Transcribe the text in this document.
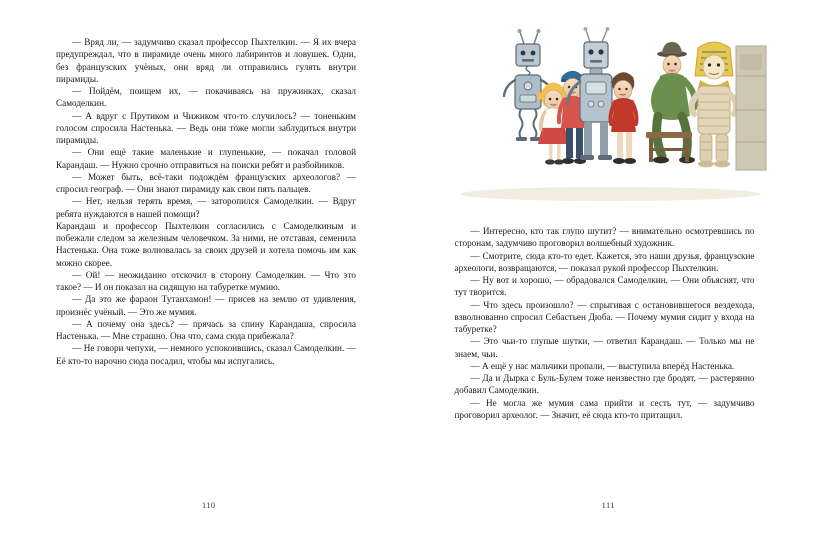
— Вряд ли, — задумчиво сказал профессор Пыхтелкин. — Я их вчера предупреждал, что в пирамиде очень много лабиринтов и ловушек. Одни, без французских учёных, они вряд ли отправились гулять внутри пирамиды.

— Пойдём, поищем их, — покачиваясь на пружинках, сказал Самоделкин.

— А вдруг с Прутиком и Чижиком что-то случилось? — тоненьким голосом спросила Настенька. — Ведь они тоже могли заблудиться внутри пирамиды.

— Они ещё такие маленькие и глупенькие, — покачал головой Карандаш. — Нужно срочно отправиться на поиски ребят и разбойников.

— Может быть, всё-таки подождём французских археологов? — спросил географ. — Они знают пирамиду как свои пять пальцев.

— Нет, нельзя терять время, — заторопился Самоделкин. — Вдруг ребята нуждаются в нашей помощи?

Карандаш и профессор Пыхтелкин согласились с Самоделкиным и побежали следом за железным человечком. За ними, не отставая, семенила Настенька. Она тоже волновалась за своих друзей и хотела помочь им как можно скорее.

— Ой! — неожиданно отскочил в сторону Самоделкин. — Что это такое? — И он показал на сидящую на табуретке мумию.

— Да это же фараон Тутанхамон! — присев на землю от удивления, произнёс учёный. — Это же мумия.

— А почему она здесь? — прячась за спину Карандаша, спросила Настенька. — Мне страшно. Она что, сама сюда прибежала?

— Не говори чепухи, — немного успокоившись, сказал Самоделкин. — Её кто-то нарочно сюда посадил, чтобы мы испугались.

110

— Интересно, кто так глупо шутит? — внимательно осмотревшись по сторонам, задумчиво проговорил волшебный художник.

— Смотрите, сюда кто-то едет. Кажется, это наши друзья, французские археологи, возвращаются, — показал рукой профессор Пыхтелкин.

— Ну вот и хорошо, — обрадовался Самоделкин. — Они объяснят, что тут творится.

— Что здесь произошло? — спрыгивая с остановившегося вездехода, взволнованно спросил Себастьен Дюба. — Почему мумия сидит у входа на табуретке?

— Это чьи-то глупые шутки, — ответил Карандаш. — Только мы не знаем, чьи.

— А ещё у нас мальчики пропали, — выступила вперёд Настенька.

— Да и Дырка с Буль-Булем тоже неизвестно где бродят, — растерянно добавил Самоделкин.

— Не могла же мумия сама прийти и сесть тут, — задумчиво проговорил археолог. — Значит, её сюда кто-то притащил.

111
